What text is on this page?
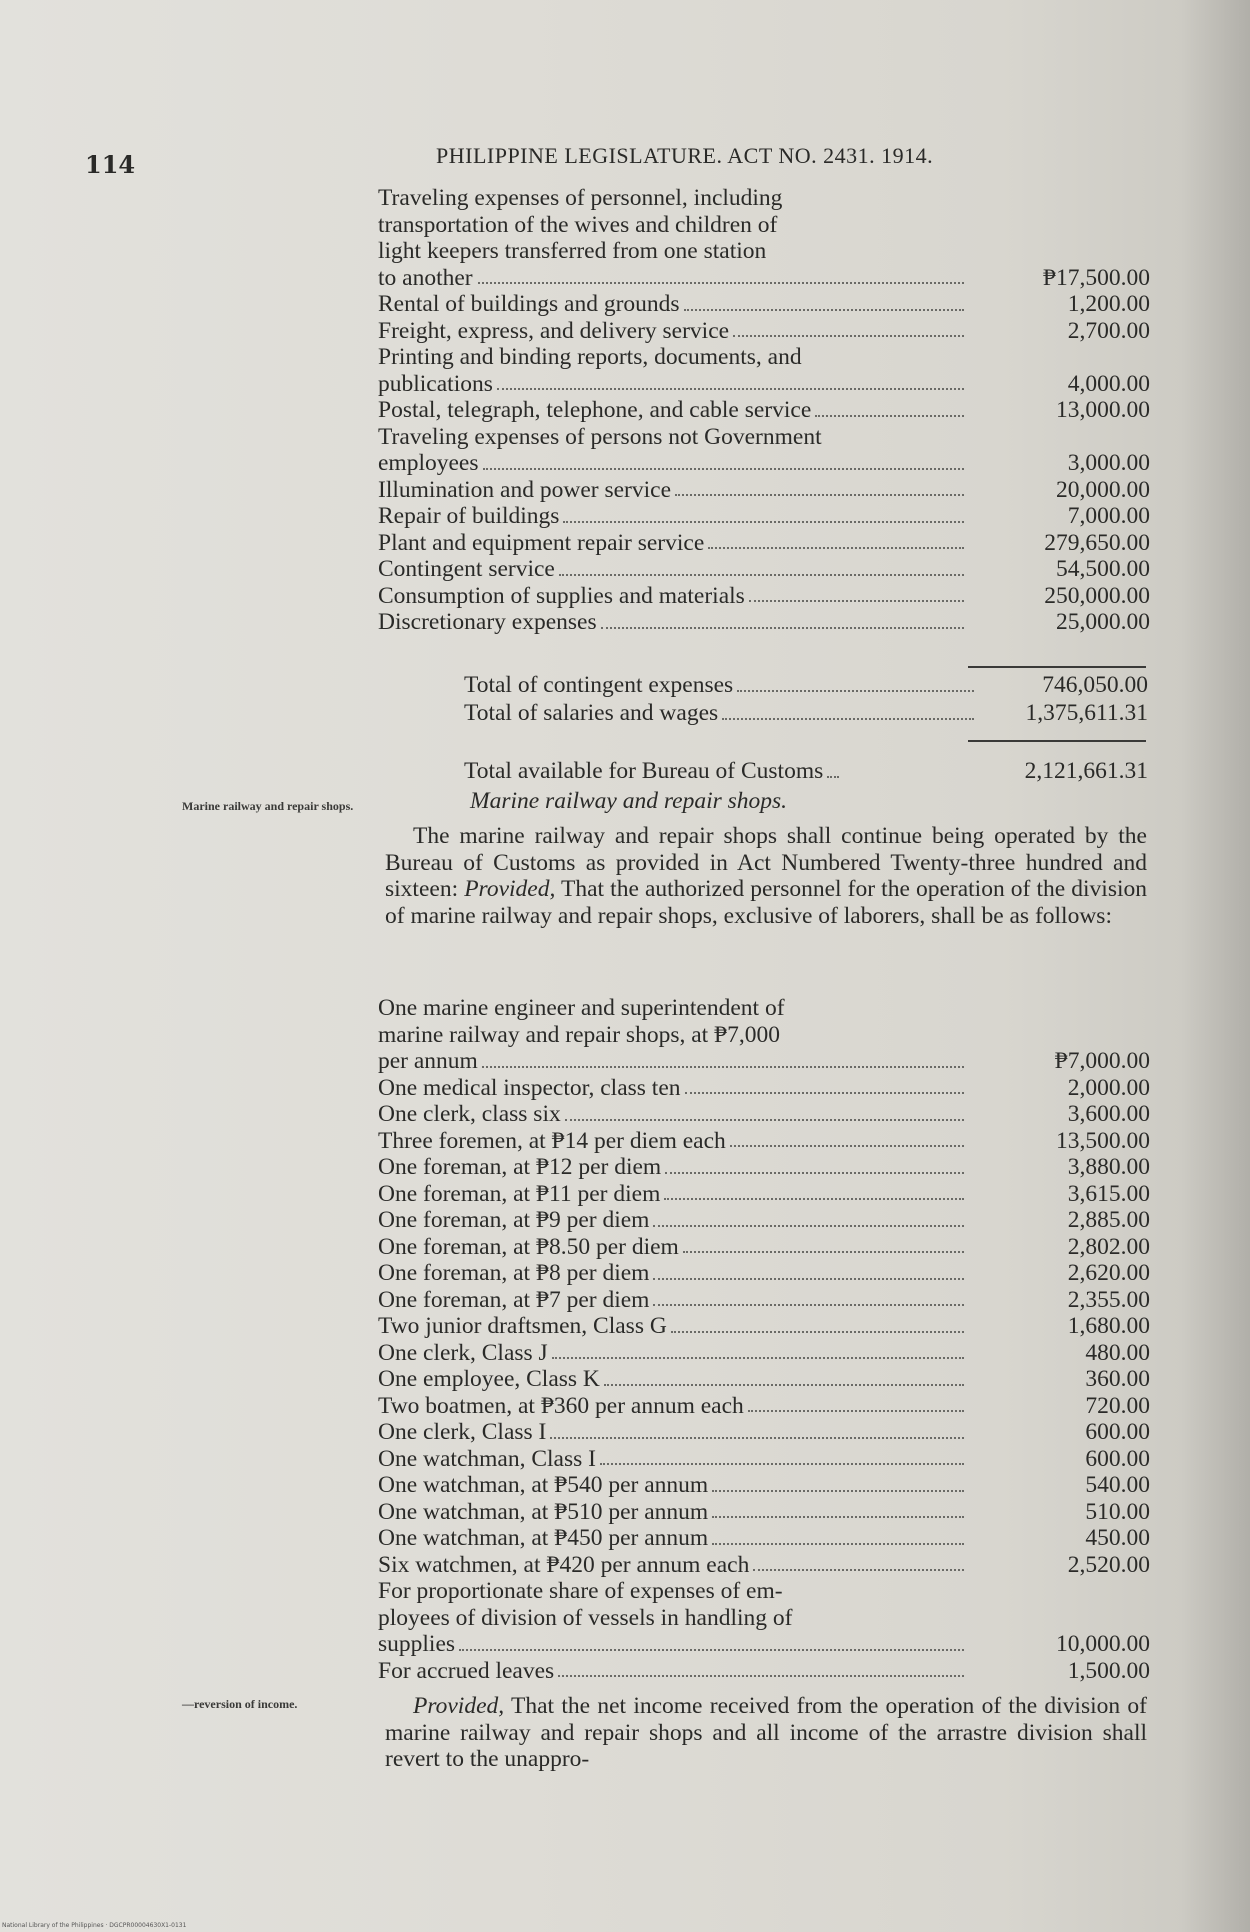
114	PHILIPPINE LEGISLATURE. ACT NO. 2431. 1914.
Traveling expenses of personnel, including
transportation of the wives and children of
light keepers transferred from one station
to another	₱17,500.00
Rental of buildings and grounds	1,200.00
Freight, express, and delivery service	2,700.00
Printing and binding reports, documents, and
publications	4,000.00
Postal, telegraph, telephone, and cable service	13,000.00
Traveling expenses of persons not Government
employees	3,000.00
Illumination and power service	20,000.00
Repair of buildings	7,000.00
Plant and equipment repair service	279,650.00
Contingent service	54,500.00
Consumption of supplies and materials	250,000.00
Discretionary expenses	25,000.00
Total of contingent expenses	746,050.00
Total of salaries and wages	1,375,611.31
Total available for Bureau of Customs	2,121,661.31
Marine railway and repair shops.	Marine railway and repair shops.
The marine railway and repair shops shall continue being operated by the Bureau of Customs as provided in Act Numbered Twenty-three hundred and sixteen: Provided, That the authorized personnel for the operation of the division of marine railway and repair shops, exclusive of laborers, shall be as follows:
One marine engineer and superintendent of
marine railway and repair shops, at ₱7,000
per annum	₱7,000.00
One medical inspector, class ten	2,000.00
One clerk, class six	3,600.00
Three foremen, at ₱14 per diem each	13,500.00
One foreman, at ₱12 per diem	3,880.00
One foreman, at ₱11 per diem	3,615.00
One foreman, at ₱9 per diem	2,885.00
One foreman, at ₱8.50 per diem	2,802.00
One foreman, at ₱8 per diem	2,620.00
One foreman, at ₱7 per diem	2,355.00
Two junior draftsmen, Class G	1,680.00
One clerk, Class J	480.00
One employee, Class K	360.00
Two boatmen, at ₱360 per annum each	720.00
One clerk, Class I	600.00
One watchman, Class I	600.00
One watchman, at ₱540 per annum	540.00
One watchman, at ₱510 per annum	510.00
One watchman, at ₱450 per annum	450.00
Six watchmen, at ₱420 per annum each	2,520.00
For proportionate share of expenses of em-
ployees of division of vessels in handling of
supplies	10,000.00
For accrued leaves	1,500.00
—reversion of income.	Provided, That the net income received from the operation of the division of marine railway and repair shops and all income of the arrastre division shall revert to the unappro-
National Library of the Philippines · DGCPR00004630X1-0131
